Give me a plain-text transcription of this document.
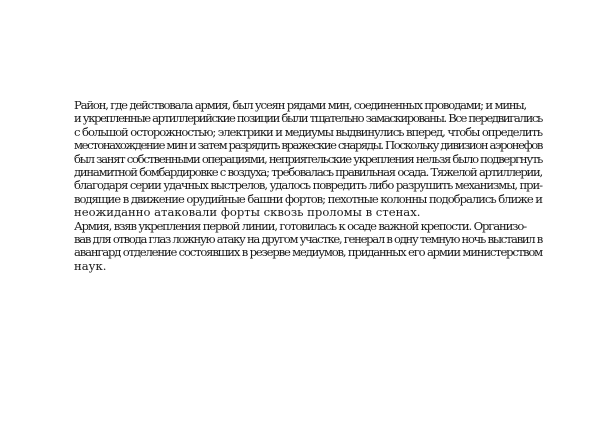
Район, где действовала армия, был усеян рядами мин, соединенных проводами; и мины,
и укрепленные артиллерийские позиции были тщательно замаскированы. Все передвигались
с большой осторожностью; электрики и медиумы выдвинулись вперед, чтобы определить
местонахождение мин и затем разрядить вражеские снаряды. Поскольку дивизион аэронефов
был занят собственными операциями, неприятельские укрепления нельзя было подвергнуть
динамитной бомбардировке с воздуха; требовалась правильная осада. Тяжелой артиллерии,
благодаря серии удачных выстрелов, удалось повредить либо разрушить механизмы, при-
водящие в движение орудийные башни фортов; пехотные колонны подобрались ближе и
неожиданно атаковали форты сквозь проломы в стенах.
Армия, взяв укрепления первой линии, готовилась к осаде важной крепости. Организо-
вав для отвода глаз ложную атаку на другом участке, генерал в одну темную ночь выставил в
авангард отделение состоявших в резерве медиумов, приданных его армии министерством
наук.
